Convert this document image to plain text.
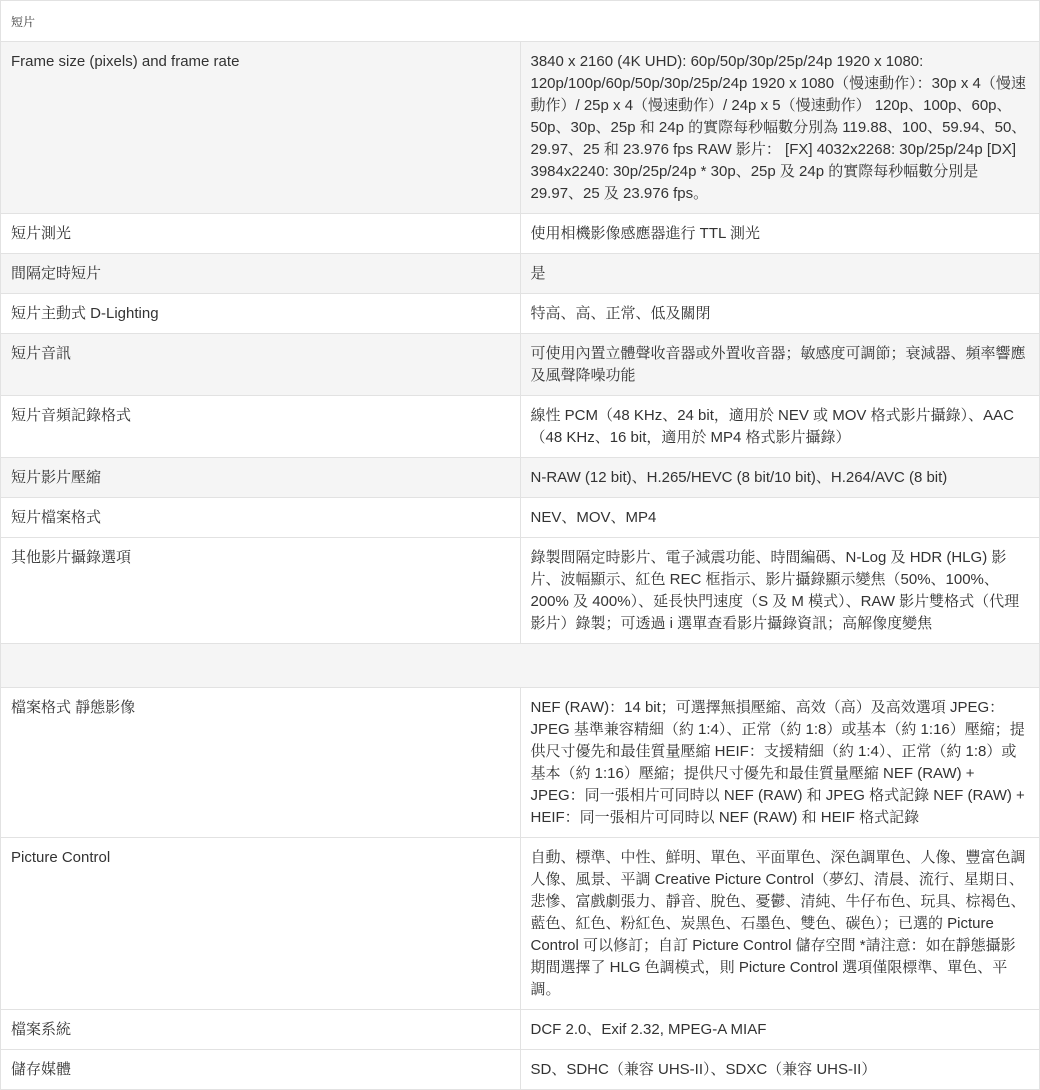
短片	
Frame size (pixels) and frame rate	3840 x 2160 (4K UHD): 60p/50p/30p/25p/24p 1920 x 1080: 120p/100p/60p/50p/30p/25p/24p 1920 x 1080（慢速動作）：30p x 4（慢速動作）/ 25p x 4（慢速動作）/ 24p x 5（慢速動作） 120p、100p、60p、50p、30p、25p 和 24p 的實際每秒幅數分別為 119.88、100、59.94、50、29.97、25 和 23.976 fps RAW 影片： [FX] 4032x2268: 30p/25p/24p [DX] 3984x2240: 30p/25p/24p * 30p、25p 及 24p 的實際每秒幅數分別是 29.97、25 及 23.976 fps。
短片測光	使用相機影像感應器進行 TTL 測光
間隔定時短片	是
短片主動式 D-Lighting	特高、高、正常、低及關閉
短片音訊	可使用內置立體聲收音器或外置收音器；敏感度可調節；衰減器、頻率響應及風聲降噪功能
短片音頻記錄格式	線性 PCM（48 KHz、24 bit，適用於 NEV 或 MOV 格式影片攝錄）、AAC（48 KHz、16 bit，適用於 MP4 格式影片攝錄）
短片影片壓縮	N-RAW (12 bit)、H.265/HEVC (8 bit/10 bit)、H.264/AVC (8 bit)
短片檔案格式	NEV、MOV、MP4
其他影片攝錄選項	錄製間隔定時影片、電子減震功能、時間編碼、N-Log 及 HDR (HLG) 影片、波幅顯示、紅色 REC 框指示、影片攝錄顯示變焦（50%、100%、200% 及 400%）、延長快門速度（S 及 M 模式）、RAW 影片雙格式（代理影片）錄製；可透過 i 選單查看影片攝錄資訊；高解像度變焦

檔案格式 靜態影像	NEF (RAW)：14 bit；可選擇無損壓縮、高效（高）及高效選項 JPEG：JPEG 基準兼容精細（約 1:4）、正常（約 1:8）或基本（約 1:16）壓縮；提供尺寸優先和最佳質量壓縮 HEIF：支援精細（約 1:4）、正常（約 1:8）或基本（約 1:16）壓縮；提供尺寸優先和最佳質量壓縮 NEF (RAW) + JPEG：同一張相片可同時以 NEF (RAW) 和 JPEG 格式記錄 NEF (RAW) + HEIF：同一張相片可同時以 NEF (RAW) 和 HEIF 格式記錄
Picture Control	自動、標準、中性、鮮明、單色、平面單色、深色調單色、人像、豐富色調人像、風景、平調 Creative Picture Control（夢幻、清晨、流行、星期日、悲慘、富戲劇張力、靜音、脫色、憂鬱、清純、牛仔布色、玩具、棕褐色、藍色、紅色、粉紅色、炭黑色、石墨色、雙色、碳色）；已選的 Picture Control 可以修訂；自訂 Picture Control 儲存空間 *請注意：如在靜態攝影期間選擇了 HLG 色調模式，則 Picture Control 選項僅限標準、單色、平調。
檔案系統	DCF 2.0、Exif 2.32, MPEG-A MIAF
儲存媒體	SD、SDHC（兼容 UHS-II）、SDXC（兼容 UHS-II）
